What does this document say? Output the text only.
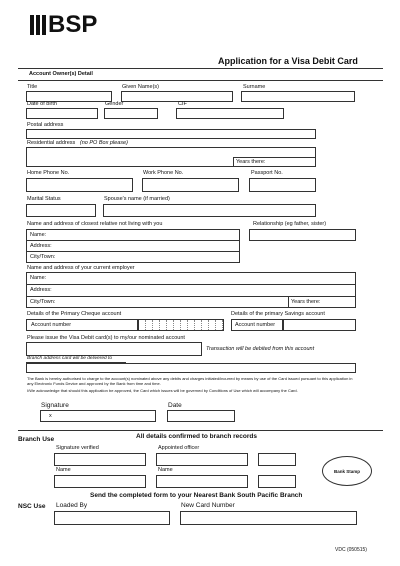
BSP
Application for a Visa Debit Card
Account Owner(s) Detail
Title	Given Name(s)	Surname
Date of birth	Gender	CIF
Postal address
Residential address (no PO Box please)
Years there:
Home Phone No.	Work Phone No.	Passport No.
Marital Status	Spouse's name (if married)
Name and address of closest relative not living with you	Relationship (eg father, sister)
Name:
Address:
City/Town:
Name and address of your current employer
Name:
Address:
City/Town:	Years there:
Details of the Primary Cheque account	Details of the primary Savings account
Account number	Account number
Please issue the Visa Debit card(s) to my/our nominated account
Transaction will be debited from this account
Branch address card will be delivered to
The Bank is hereby authorised to charge to the account(s) nominated above any debits and charges initiated/incurred by means by use of the Card issued pursuant to this application in any Electronic Funds Device and approved by the Bank from time and time.
I/We acknowledge that should this application be approved, the Card which issues will be governed by Conditions of Use which will accompany the Card.
Signature
x
Date
Branch Use	All details confirmed to branch records
Signature verified	Appointed officer
Name	Name	Bank Stamp
Send the completed form to your Nearest Bank South Pacific Branch
NSC Use Loaded By	New Card Number
VDC (050515)
